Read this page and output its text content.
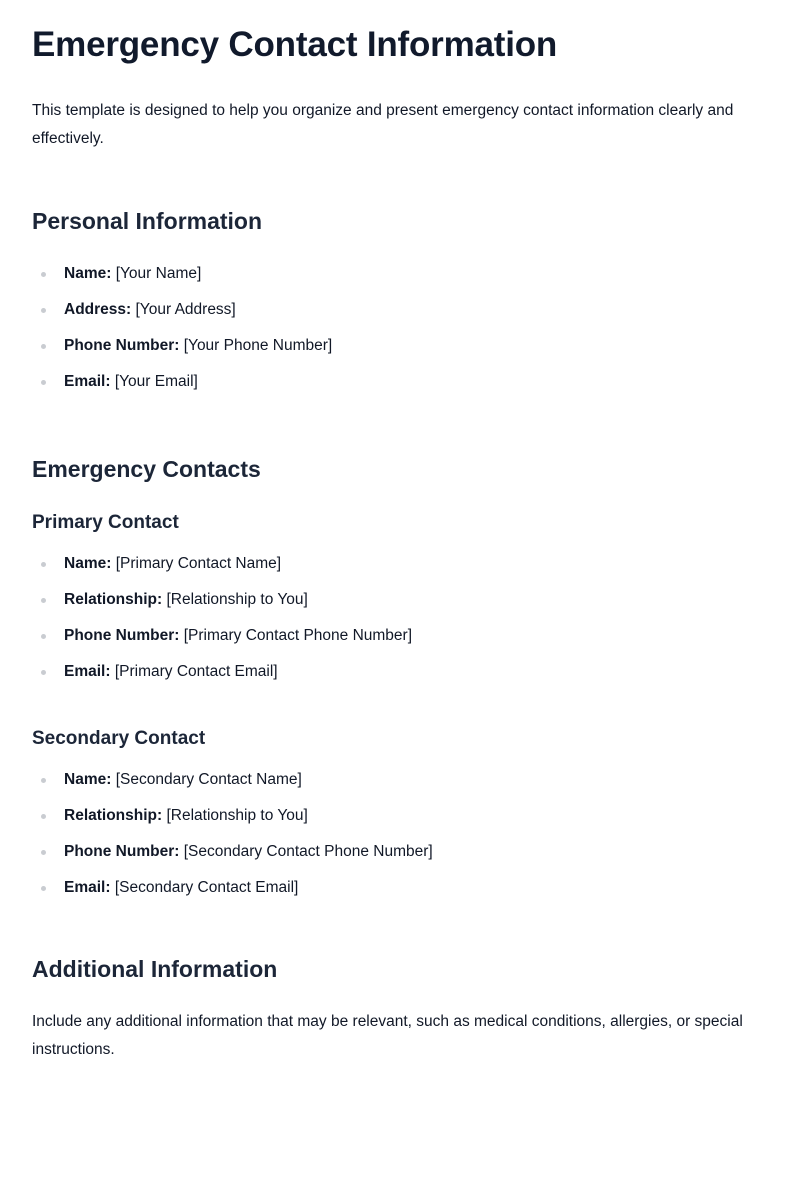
Emergency Contact Information

This template is designed to help you organize and present emergency contact information clearly and effectively.

Personal Information
Name: [Your Name]
Address: [Your Address]
Phone Number: [Your Phone Number]
Email: [Your Email]
Emergency Contacts
Primary Contact
Name: [Primary Contact Name]
Relationship: [Relationship to You]
Phone Number: [Primary Contact Phone Number]
Email: [Primary Contact Email]
Secondary Contact
Name: [Secondary Contact Name]
Relationship: [Relationship to You]
Phone Number: [Secondary Contact Phone Number]
Email: [Secondary Contact Email]
Additional Information

Include any additional information that may be relevant, such as medical conditions, allergies, or special instructions.
